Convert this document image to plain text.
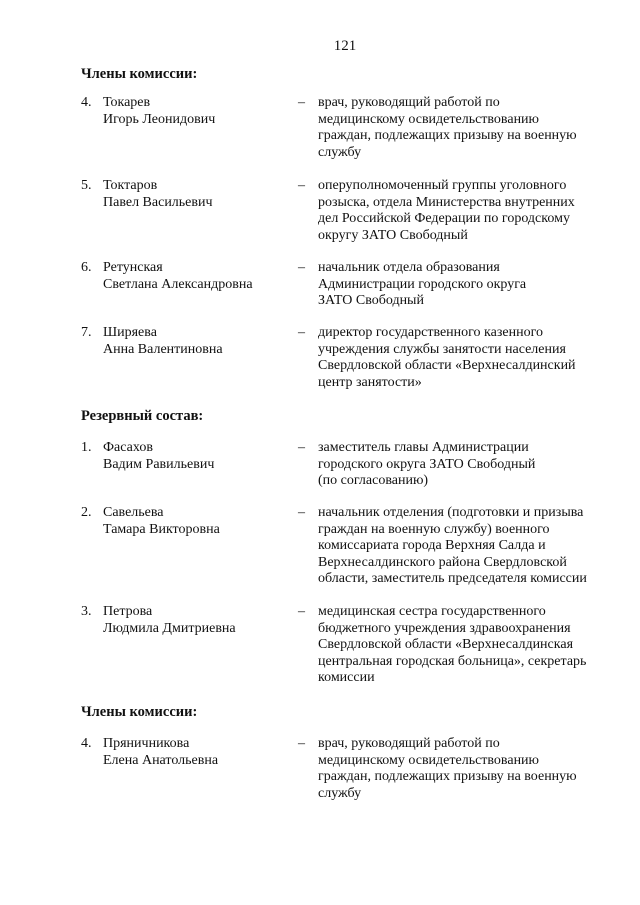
121
Члены комиссии:
4. Токарев
Игорь Леонидович
– врач, руководящий работой по
медицинскому освидетельствованию
граждан, подлежащих призыву на военную
службу
5. Токтаров
Павел Васильевич
– оперуполномоченный группы уголовного
розыска, отдела Министерства внутренних
дел Российской Федерации по городскому
округу ЗАТО Свободный
6. Ретунская
Светлана Александровна
– начальник отдела образования
Администрации городского округа
ЗАТО Свободный
7. Ширяева
Анна Валентиновна
– директор государственного казенного
учреждения службы занятости населения
Свердловской области «Верхнесалдинский
центр занятости»
Резервный состав:
1. Фасахов
Вадим Равильевич
– заместитель главы Администрации
городского округа ЗАТО Свободный
(по согласованию)
2. Савельева
Тамара Викторовна
– начальник отделения (подготовки и призыва
граждан на военную службу) военного
комиссариата города Верхняя Салда и
Верхнесалдинского района Свердловской
области, заместитель председателя комиссии
3. Петрова
Людмила Дмитриевна
– медицинская сестра государственного
бюджетного учреждения здравоохранения
Свердловской области «Верхнесалдинская
центральная городская больница», секретарь
комиссии
Члены комиссии:
4. Пряничникова
Елена Анатольевна
– врач, руководящий работой по
медицинскому освидетельствованию
граждан, подлежащих призыву на военную
службу
